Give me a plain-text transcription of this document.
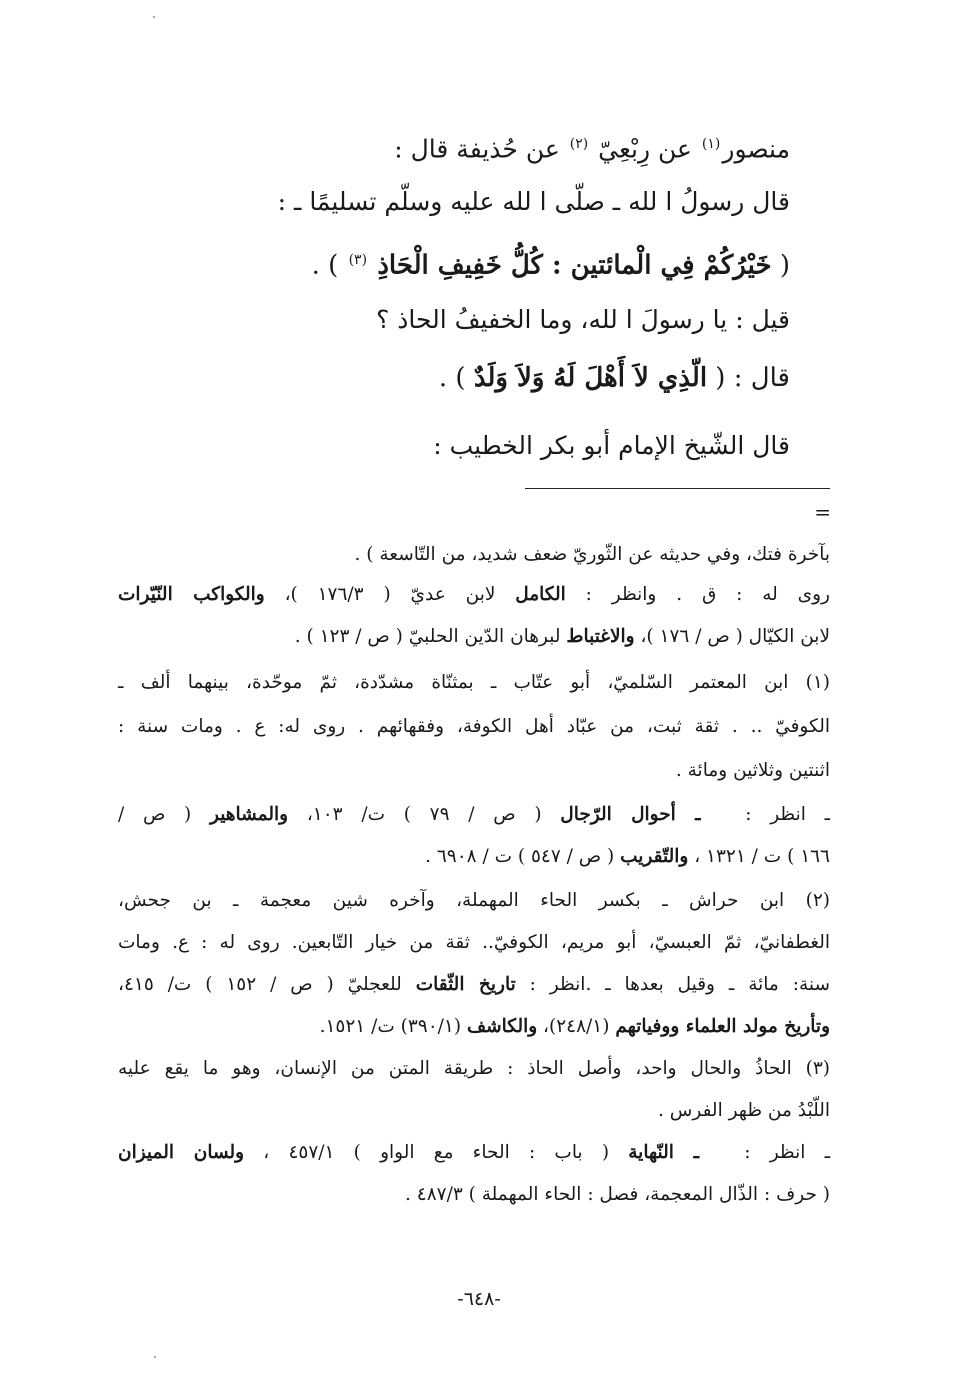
منصور$^{(١)}$ عن رِبْعِيّ $^{(٢)}$ عن حُذيفة قال :
قال رسولُ ا لله ـ صلّى ا لله عليه وسلّم تسليمًا ـ :
( خَيْرُكُمْ فِي الْمائتين : كُلُّ خَفِيفِ الْحَاذِ $^{(٣)}$ ) .
قيل : يا رسولَ ا لله، وما الخفيفُ الحاذ ؟
قال : ( الّذِي لاَ أَهْلَ لَهُ وَلاَ وَلَدٌ ) .
قال الشّيخ الإمام أبو بكر الخطيب :
=
بآخرة فتك، وفي حديثه عن الثّوريّ ضعف شديد، من التّاسعة ) .
روى له : ق . وانظر : الكامل لابن عديّ ( ١٧٦/٣ )، والكواكب النّيّرات
لابن الكيّال ( ص / ١٧٦ )، والاغتباط لبرهان الدّين الحلبيّ ( ص / ١٢٣ ) .
(١) ابن المعتمر السّلميّ، أبو عتّاب ـ بمثنّاة مشدّدة، ثمّ موحّدة، بينهما ألف ـ
الكوفيّ .. . ثقة ثبت، من عبّاد أهل الكوفة، وفقهائهم . روى له: ع . ومات سنة :
اثنتين وثلاثين ومائة .
ـ انظر : ـ أحوال الرّجال ( ص / ٧٩ ) ت/ ١٠٣، والمشاهير ( ص /
١٦٦ ) ت / ١٣٢١ ، والتّقريب ( ص / ٥٤٧ ) ت / ٦٩٠٨ .
(٢) ابن حراش ـ بكسر الحاء المهملة، وآخره شين معجمة ـ بن جحش،
الغطفانيّ، ثمّ العبسيّ، أبو مريم، الكوفيّ.. ثقة من خيار التّابعين. روى له : ع. ومات
سنة: مائة ـ وقيل بعدها ـ .انظر : تاريخ الثّقات للعجليّ ( ص / ١٥٢ ) ت/ ٤١٥،
وتأريخ مولد العلماء ووفياتهم (٢٤٨/١)، والكاشف (٣٩٠/١) ت/ ١٥٢١.
(٣) الحاذُ والحال واحد، وأصل الحاذ : طريقة المتن من الإنسان، وهو ما يقع عليه
اللّبْدُ من ظهر الفرس .
ـ انظر : ـ النّهاية ( باب : الحاء مع الواو ) ٤٥٧/١ ، ولسان الميزان
( حرف : الذّال المعجمة، فصل : الحاء المهملة ) ٤٨٧/٣ .
-٦٤٨-
